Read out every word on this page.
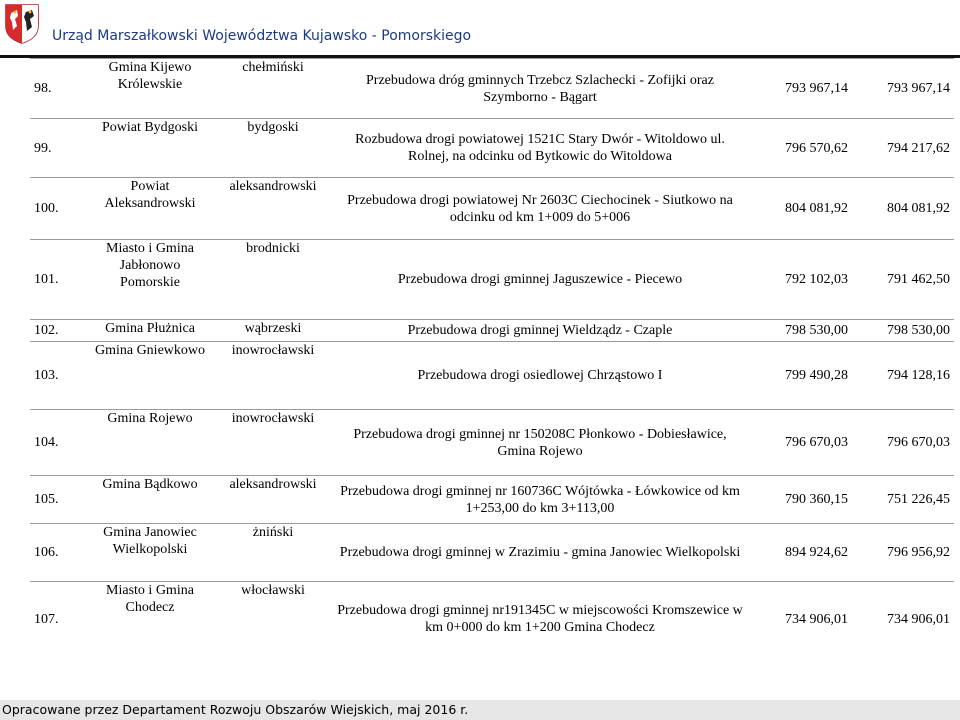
Urząd Marszałkowski Województwa Kujawsko - Pomorskiego
98.	Gmina Kijewo Królewskie	chełmiński	Przebudowa dróg gminnych Trzebcz Szlachecki - Zofijki oraz Szymborno - Bągart	793 967,14	793 967,14
99.	Powiat Bydgoski	bydgoski	Rozbudowa drogi powiatowej 1521C Stary Dwór - Witoldowo ul. Rolnej, na odcinku od Bytkowic do Witoldowa	796 570,62	794 217,62
100.	Powiat Aleksandrowski	aleksandrowski	Przebudowa drogi powiatowej Nr 2603C Ciechocinek - Siutkowo na odcinku od km 1+009 do 5+006	804 081,92	804 081,92
101.	Miasto i Gmina Jabłonowo Pomorskie	brodnicki	Przebudowa drogi gminnej Jaguszewice - Piecewo	792 102,03	791 462,50
102.	Gmina Płużnica	wąbrzeski	Przebudowa drogi gminnej Wieldządz - Czaple	798 530,00	798 530,00
103.	Gmina Gniewkowo	inowrocławski	Przebudowa drogi osiedlowej Chrząstowo I	799 490,28	794 128,16
104.	Gmina Rojewo	inowrocławski	Przebudowa drogi gminnej nr 150208C Płonkowo - Dobiesławice, Gmina Rojewo	796 670,03	796 670,03
105.	Gmina Bądkowo	aleksandrowski	Przebudowa drogi gminnej nr 160736C Wójtówka - Łówkowice od km 1+253,00 do km 3+113,00	790 360,15	751 226,45
106.	Gmina Janowiec Wielkopolski	żniński	Przebudowa drogi gminnej w Zrazimiu - gmina Janowiec Wielkopolski	894 924,62	796 956,92
107.	Miasto i Gmina Chodecz	włocławski	Przebudowa drogi gminnej nr191345C w miejscowości Kromszewice w km 0+000 do km 1+200 Gmina Chodecz	734 906,01	734 906,01
Opracowane przez Departament Rozwoju Obszarów Wiejskich, maj 2016 r.
